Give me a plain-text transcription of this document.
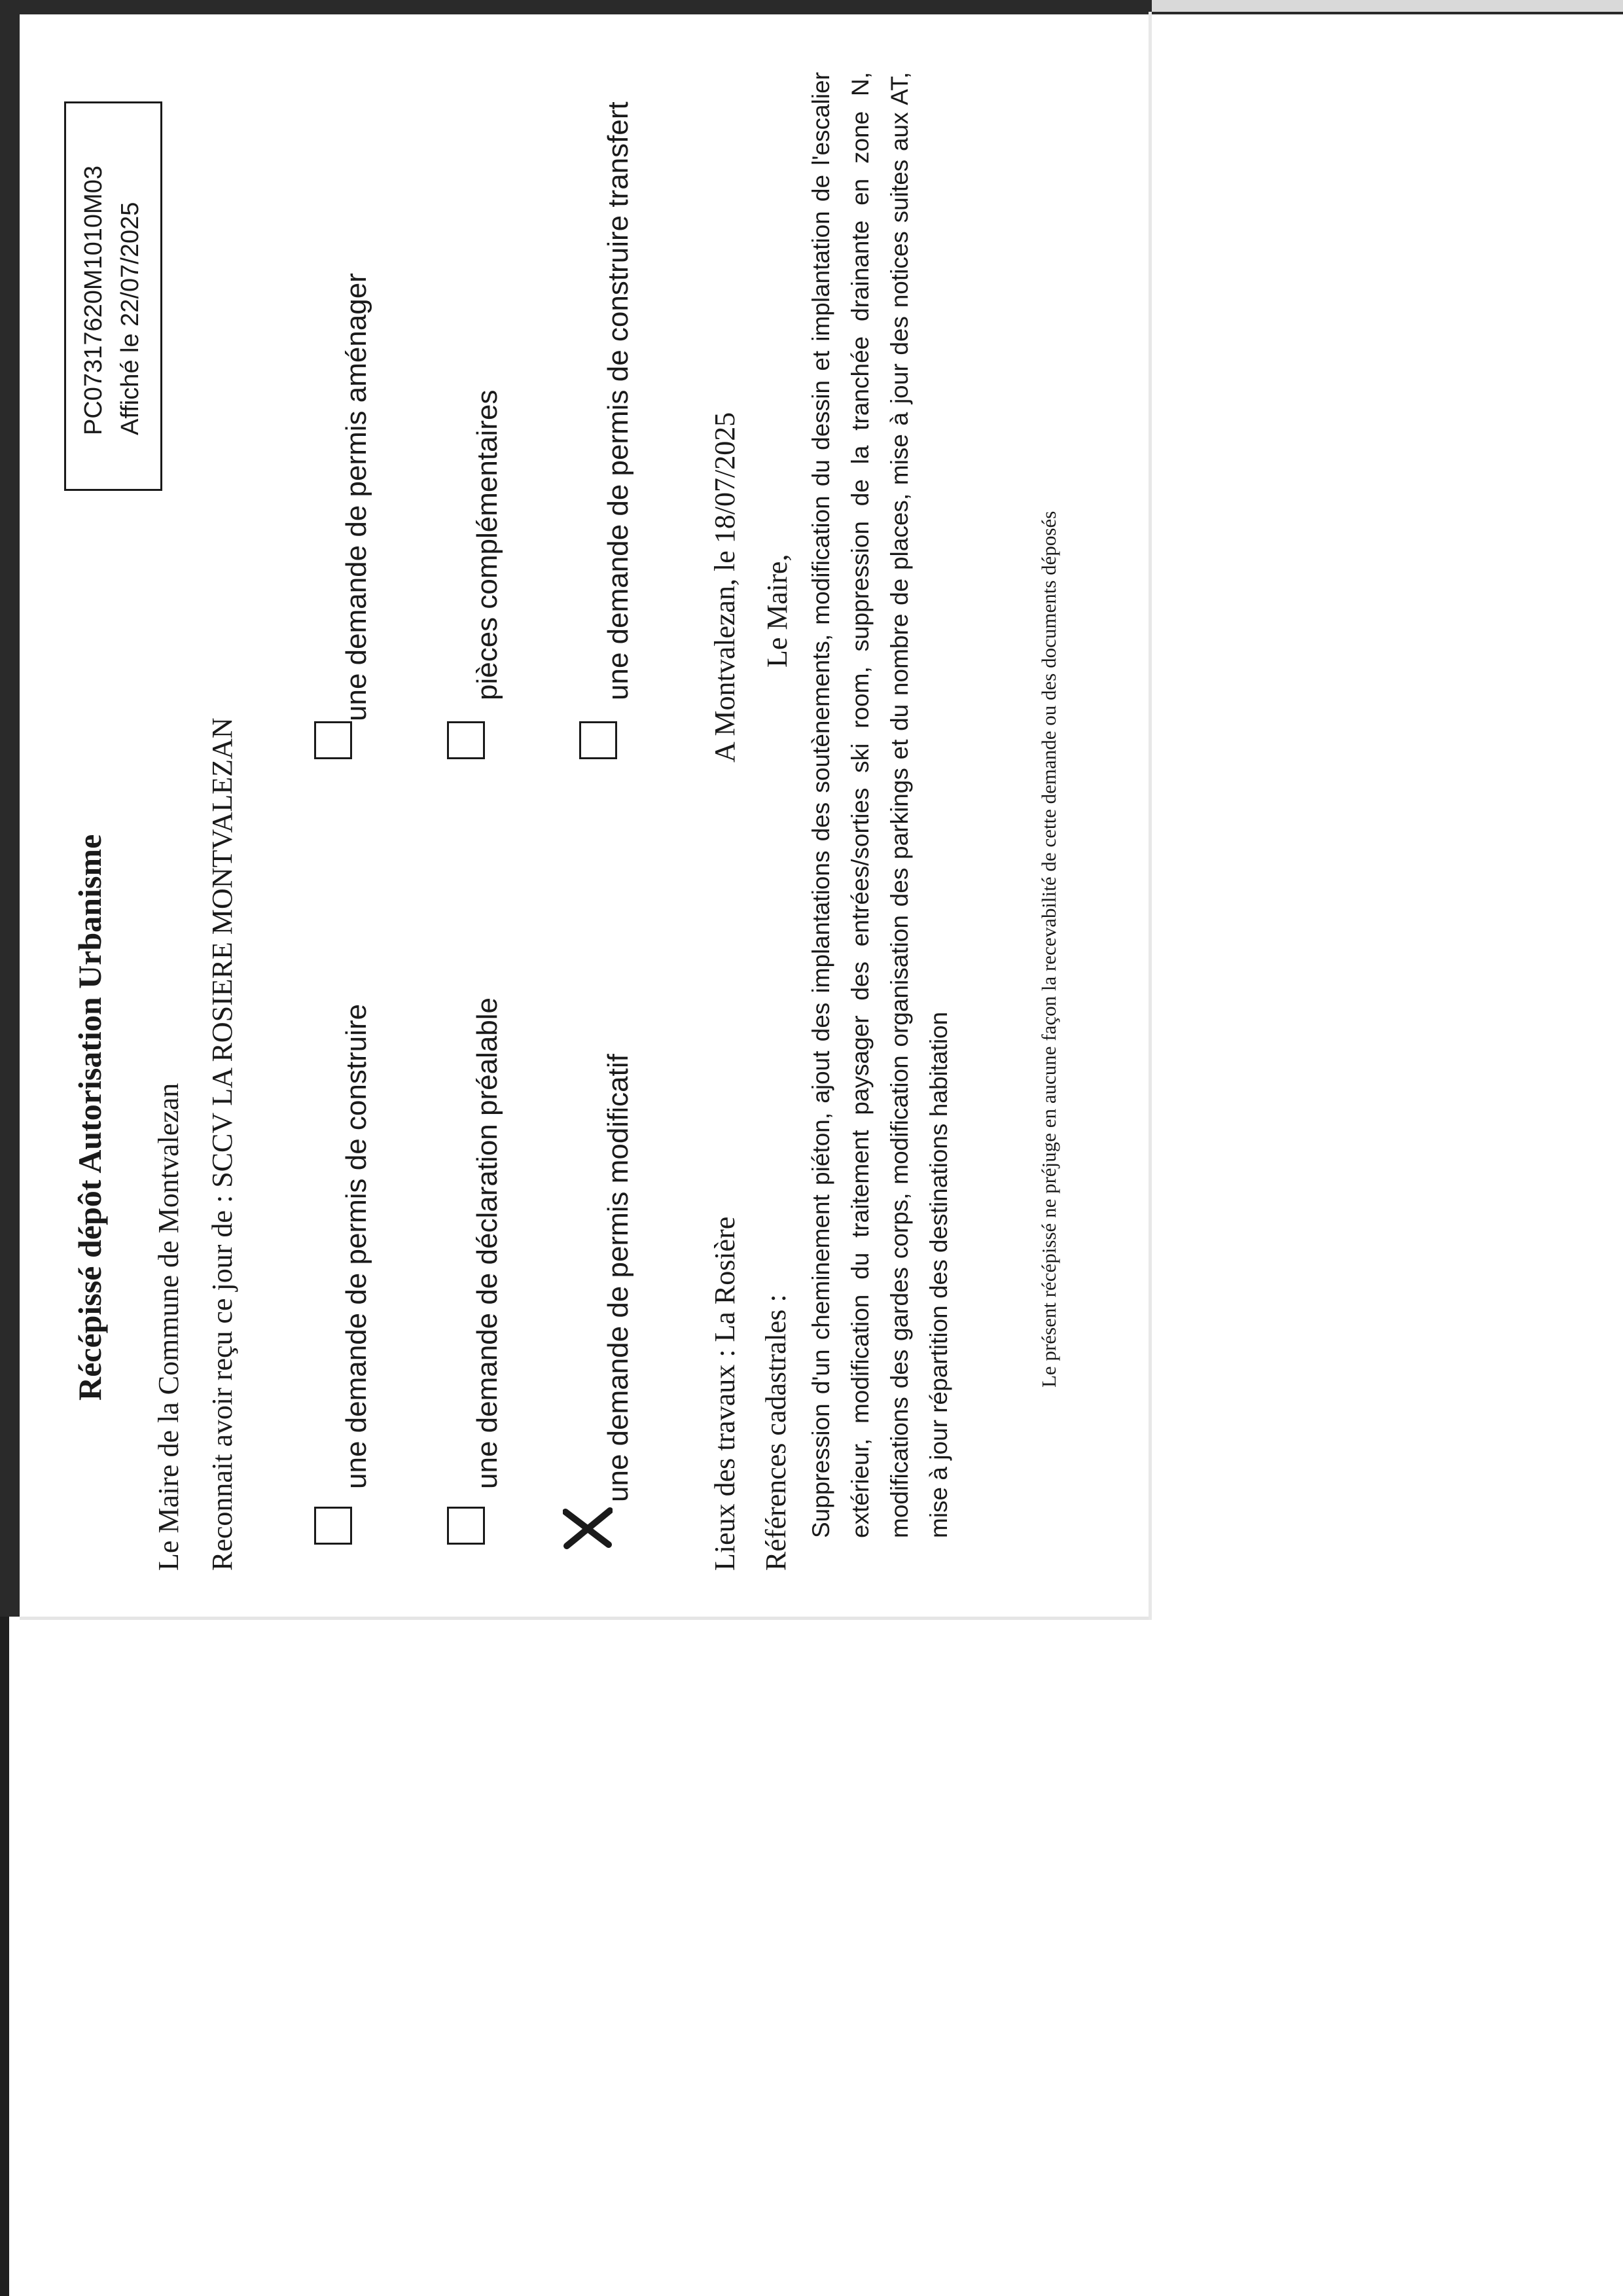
Récépissé dépôt Autorisation Urbanisme
PC07317620M1010M03 Affiché le 22/07/2025
Le Maire de la Commune de Montvalezan Reconnait avoir reçu ce jour de : SCCV LA ROSIERE MONTVALEZAN	une demande de permis de construire
une demande de permis aménager
une demande de déclaration préalable
pièces complémentaires
une demande de permis modificatif
une demande de permis de construire transfert
Lieux des travaux : La Rosière Références cadastrales :
A Montvalezan, le 18/07/2025 Le Maire, Suppression d'un cheminement piéton, ajout des implantations des soutènements, modification du dessin et implantation de l'escalier extérieur, modification du traitement paysager des entrées/sorties ski room, suppression de la tranchée drainante en zone N, modifications des gardes corps, modification organisation des parkings et du nombre de places, mise à jour des notices suites aux AT, mise à jour répartition des destinations habitation	Le présent récépissé ne préjuge en aucune façon la recevabilité de cette demande ou des documents déposés
